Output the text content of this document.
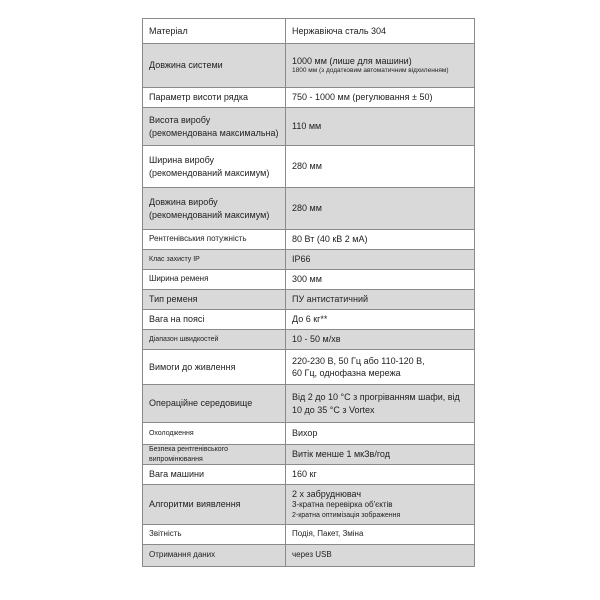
Матеріал	Нержавіюча сталь 304
Довжина системи	1000 мм (лише для машини)
1800 мм (з додатковим автоматичним відхиленням)

Параметр висоти рядка	750 - 1000 мм (регулювання ± 50)
Висота виробу (рекомендована максимальна)	110 мм
Ширина виробу (рекомендований максимум)	280 мм
Довжина виробу (рекомендований максимум)	280 мм
Рентгенівськия потужність	80 Вт (40 кВ 2 мА)
Клас захисту IP	IP66
Ширина ременя	300 мм
Тип ременя	ПУ антистатичний
Вага на поясі	До 6 кг**
Діапазон швидкостей	10 - 50 м/хв
Вимоги до живлення	220-230 В, 50 Гц або 110-120 В,
60 Гц, однофазна мережа

Операційне середовище	Від 2 до 10 °C з прогріванням шафи, від
10 до 35 °C з Vortex

Охолодження	Вихор
Безпека рентгенівського випромінювання	Витік менше 1 мкЗв/год
Вага машини	160 кг
Алгоритми виявлення	2 х забруднювач
3-кратна перевірка об'єктів
2-кратна оптимізація зображення

Звітність	Подія, Пакет, Зміна
Отримання даних	через USB
